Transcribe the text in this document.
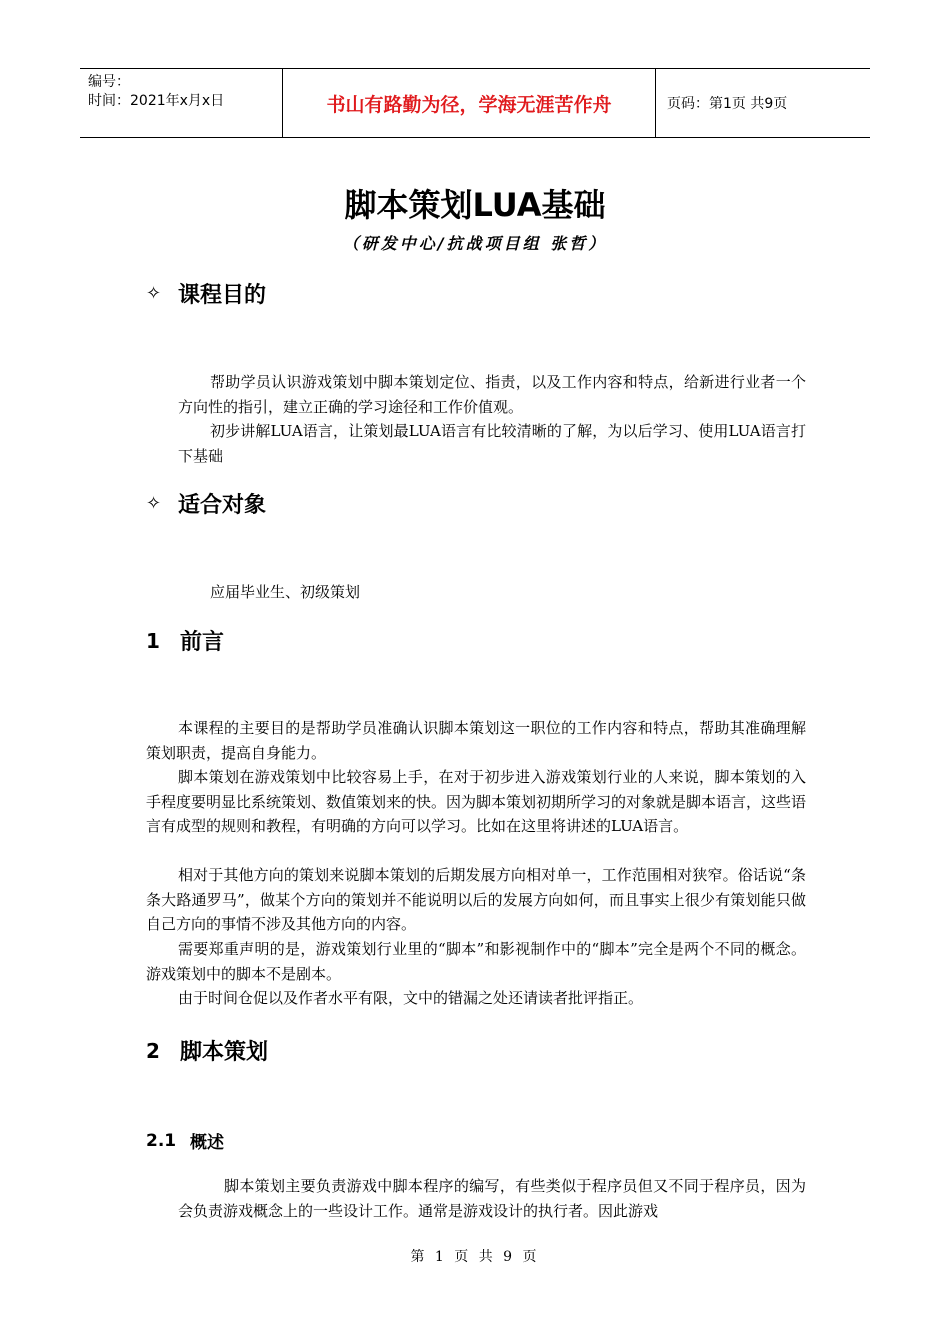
编号：
时间：2021年x月x日	书山有路勤为径，学海无涯苦作舟	页码：第1页 共9页
脚本策划LUA基础
（研发中心/抗战项目组 张哲）
✧ 课程目的

帮助学员认识游戏策划中脚本策划定位、指责，以及工作内容和特点，给新进行业者一个方向性的指引，建立正确的学习途径和工作价值观。

初步讲解LUA语言，让策划最LUA语言有比较清晰的了解，为以后学习、使用LUA语言打下基础

✧ 适合对象

应届毕业生、初级策划

1 前言

本课程的主要目的是帮助学员准确认识脚本策划这一职位的工作内容和特点，帮助其准确理解策划职责，提高自身能力。

脚本策划在游戏策划中比较容易上手，在对于初步进入游戏策划行业的人来说，脚本策划的入手程度要明显比系统策划、数值策划来的快。因为脚本策划初期所学习的对象就是脚本语言，这些语言有成型的规则和教程，有明确的方向可以学习。比如在这里将讲述的LUA语言。

相对于其他方向的策划来说脚本策划的后期发展方向相对单一，工作范围相对狭窄。俗话说“条条大路通罗马”，做某个方向的策划并不能说明以后的发展方向如何，而且事实上很少有策划能只做自己方向的事情不涉及其他方向的内容。

需要郑重声明的是，游戏策划行业里的“脚本”和影视制作中的“脚本”完全是两个不同的概念。游戏策划中的脚本不是剧本。

由于时间仓促以及作者水平有限，文中的错漏之处还请读者批评指正。

2 脚本策划
2.1 概述

脚本策划主要负责游戏中脚本程序的编写，有些类似于程序员但又不同于程序员，因为会负责游戏概念上的一些设计工作。通常是游戏设计的执行者。因此游戏

第 1 页 共 9 页
